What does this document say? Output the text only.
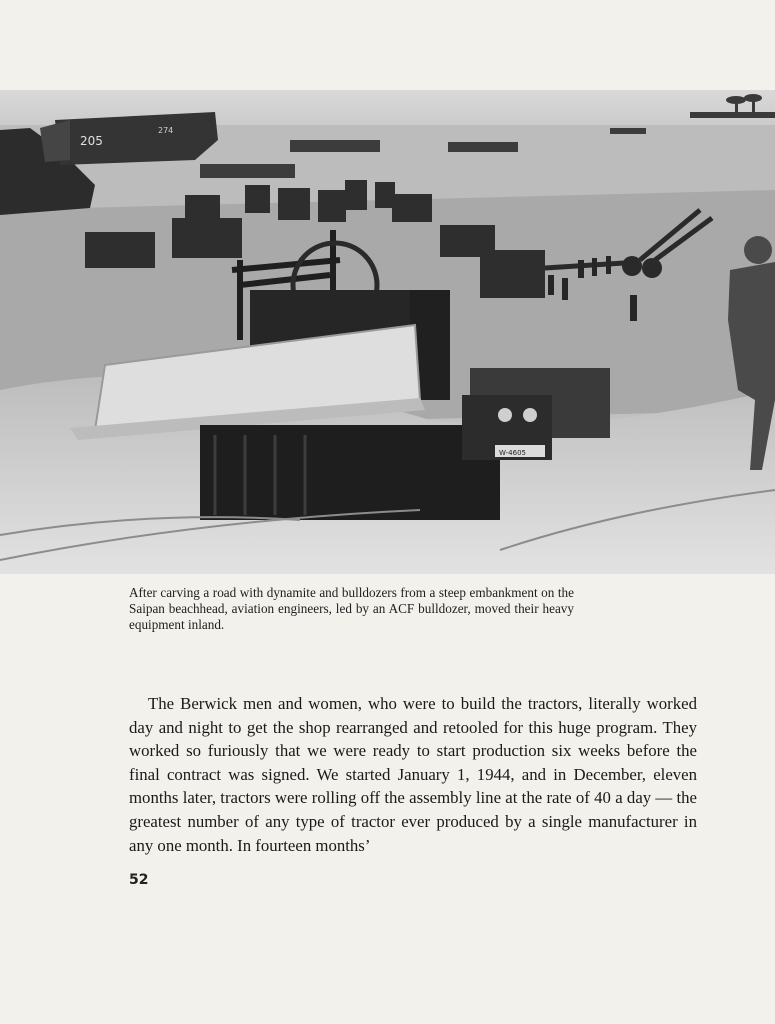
205
274
W-4605
After carving a road with dynamite and bulldozers from a steep embankment on the Saipan beachhead, aviation engineers, led by an ACF bulldozer, moved their heavy equipment inland.
The Berwick men and women, who were to build the tractors, literally worked day and night to get the shop rearranged and retooled for this huge program. They worked so furiously that we were ready to start production six weeks before the final contract was signed. We started January 1, 1944, and in December, eleven months later, tractors were rolling off the assembly line at the rate of 40 a day — the greatest number of any type of tractor ever produced by a single manufacturer in any one month. In fourteen months’
52
